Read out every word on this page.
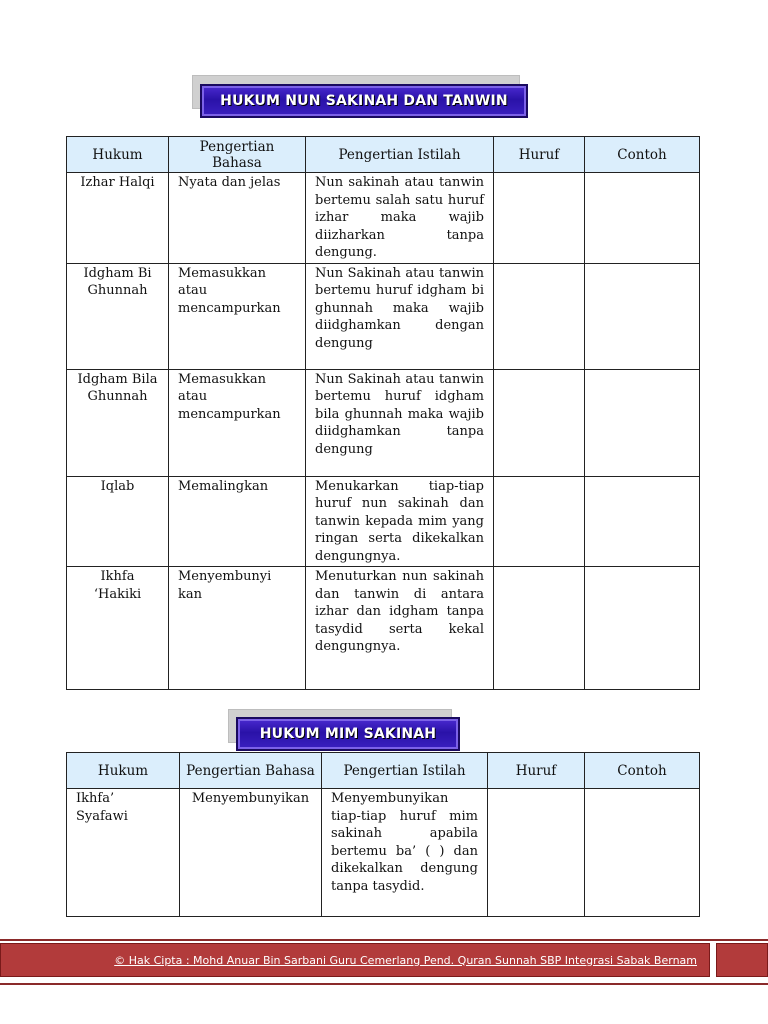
HUKUM NUN SAKINAH DAN TANWIN
Hukum	Pengertian Bahasa	Pengertian Istilah	Huruf	Contoh
Izhar Halqi	Nyata dan jelas	Nun sakinah atau tanwin bertemu salah satu huruf izhar maka wajib diizharkan tanpa dengung.		
Idgham Bi Ghunnah	Memasukkan atau mencampurkan	Nun Sakinah atau tanwin bertemu huruf idgham bi ghunnah maka wajib diidghamkan dengan dengung		
Idgham Bila Ghunnah	Memasukkan atau mencampurkan	Nun Sakinah atau tanwin bertemu huruf idgham bila ghunnah maka wajib diidghamkan tanpa dengung		
Iqlab	Memalingkan	Menukarkan tiap-tiap huruf nun sakinah dan tanwin kepada mim yang ringan serta dikekalkan dengungnya.		
Ikhfa ‘Hakiki	Menyembunyi kan	Menuturkan nun sakinah dan tanwin di antara izhar dan idgham tanpa tasydid serta kekal dengungnya.		
HUKUM MIM SAKINAH
Hukum	Pengertian Bahasa	Pengertian Istilah	Huruf	Contoh
Ikhfa’ Syafawi	Menyembunyikan	Menyembunyikan tiap-tiap huruf mim sakinah apabila bertemu ba’ ( ) dan dikekalkan dengung tanpa tasydid.		
© Hak Cipta : Mohd Anuar Bin Sarbani Guru Cemerlang Pend. Quran Sunnah SBP Integrasi Sabak Bernam
